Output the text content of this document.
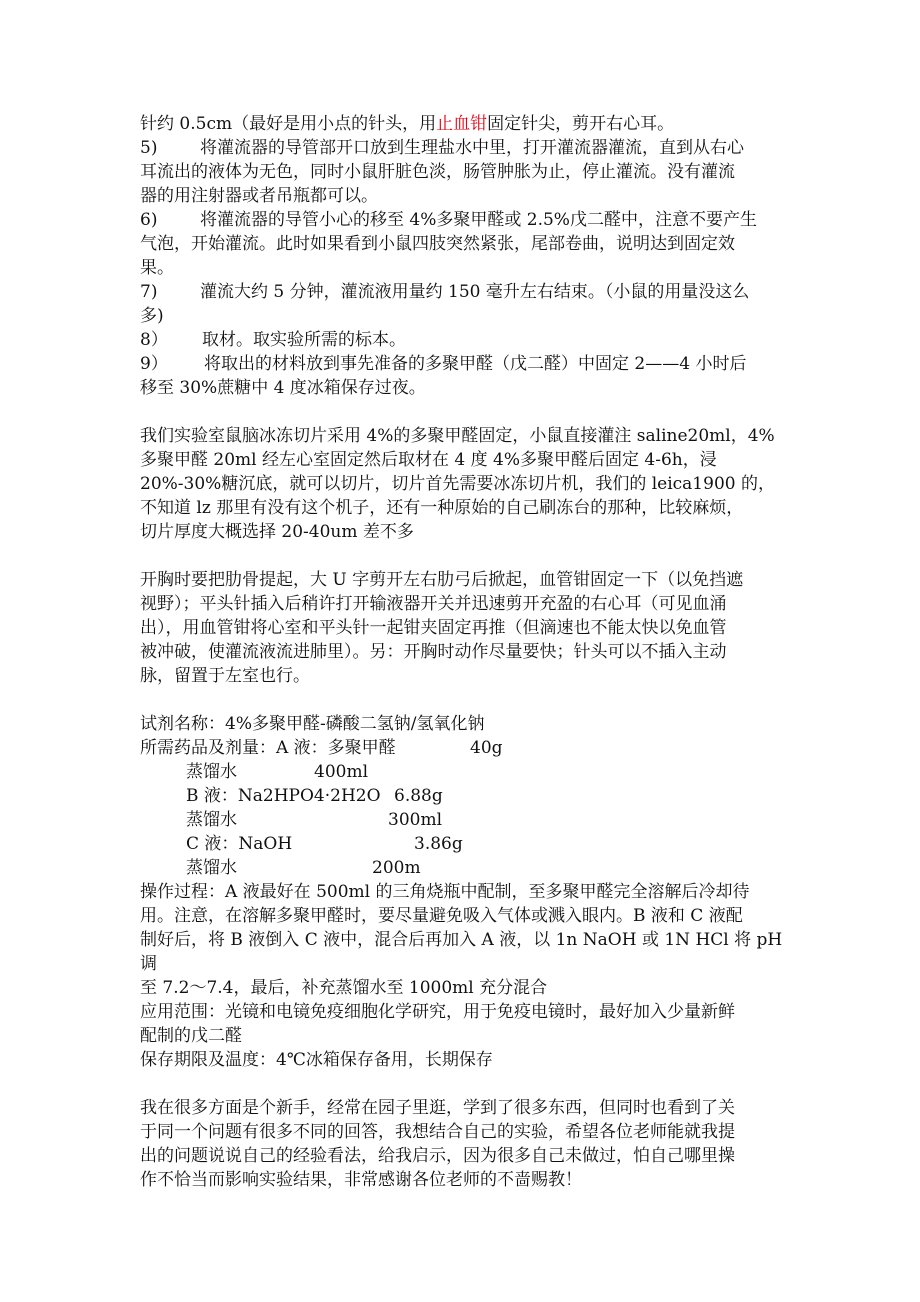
针约 0.5cm（最好是用小点的针头，用止血钳固定针尖，剪开右心耳。

5)	将灌流器的导管部开口放到生理盐水中里，打开灌流器灌流，直到从右心

耳流出的液体为无色，同时小鼠肝脏色淡，肠管肿胀为止，停止灌流。没有灌流

器的用注射器或者吊瓶都可以。

6)	将灌流器的导管小心的移至 4%多聚甲醛或 2.5%戊二醛中，注意不要产生

气泡，开始灌流。此时如果看到小鼠四肢突然紧张，尾部卷曲，说明达到固定效

果。

7)	灌流大约 5 分钟，灌流液用量约 150 毫升左右结束。（小鼠的用量没这么

多)

8） 取材。取实验所需的标本。

9） 将取出的材料放到事先准备的多聚甲醛（戊二醛）中固定 2——4 小时后

移至 30%蔗糖中 4 度冰箱保存过夜。

我们实验室鼠脑冰冻切片采用 4%的多聚甲醛固定，小鼠直接灌注 saline20ml，4%

多聚甲醛 20ml 经左心室固定然后取材在 4 度 4%多聚甲醛后固定 4-6h，浸

20%-30%糖沉底，就可以切片，切片首先需要冰冻切片机，我们的 leica1900 的，

不知道 lz 那里有没有这个机子，还有一种原始的自己刷冻台的那种，比较麻烦，

切片厚度大概选择 20-40um 差不多

开胸时要把肋骨提起，大 U 字剪开左右肋弓后掀起，血管钳固定一下（以免挡遮

视野）；平头针插入后稍许打开输液器开关并迅速剪开充盈的右心耳（可见血涌

出），用血管钳将心室和平头针一起钳夹固定再推（但滴速也不能太快以免血管

被冲破，使灌流液流进肺里）。另：开胸时动作尽量要快；针头可以不插入主动

脉，留置于左室也行。

试剂名称：4%多聚甲醛-磷酸二氢钠/氢氧化钠

所需药品及剂量：A 液：多聚甲醛	40g

蒸馏水	400ml

B 液：Na2HPO4·2H2O 6.88g

蒸馏水	300ml

C 液：NaOH	3.86g

蒸馏水	200m

操作过程：A 液最好在 500ml 的三角烧瓶中配制，至多聚甲醛完全溶解后冷却待

用。注意，在溶解多聚甲醛时，要尽量避免吸入气体或溅入眼内。B 液和 C 液配

制好后，将 B 液倒入 C 液中，混合后再加入 A 液，以 1n NaOH 或 1N HCl 将 pH 调

至 7.2～7.4，最后，补充蒸馏水至 1000ml 充分混合

应用范围：光镜和电镜免疫细胞化学研究，用于免疫电镜时，最好加入少量新鲜

配制的戊二醛

保存期限及温度：4℃冰箱保存备用，长期保存

我在很多方面是个新手，经常在园子里逛，学到了很多东西，但同时也看到了关

于同一个问题有很多不同的回答，我想结合自己的实验，希望各位老师能就我提

出的问题说说自己的经验看法，给我启示，因为很多自己未做过，怕自己哪里操

作不恰当而影响实验结果，非常感谢各位老师的不啬赐教！
